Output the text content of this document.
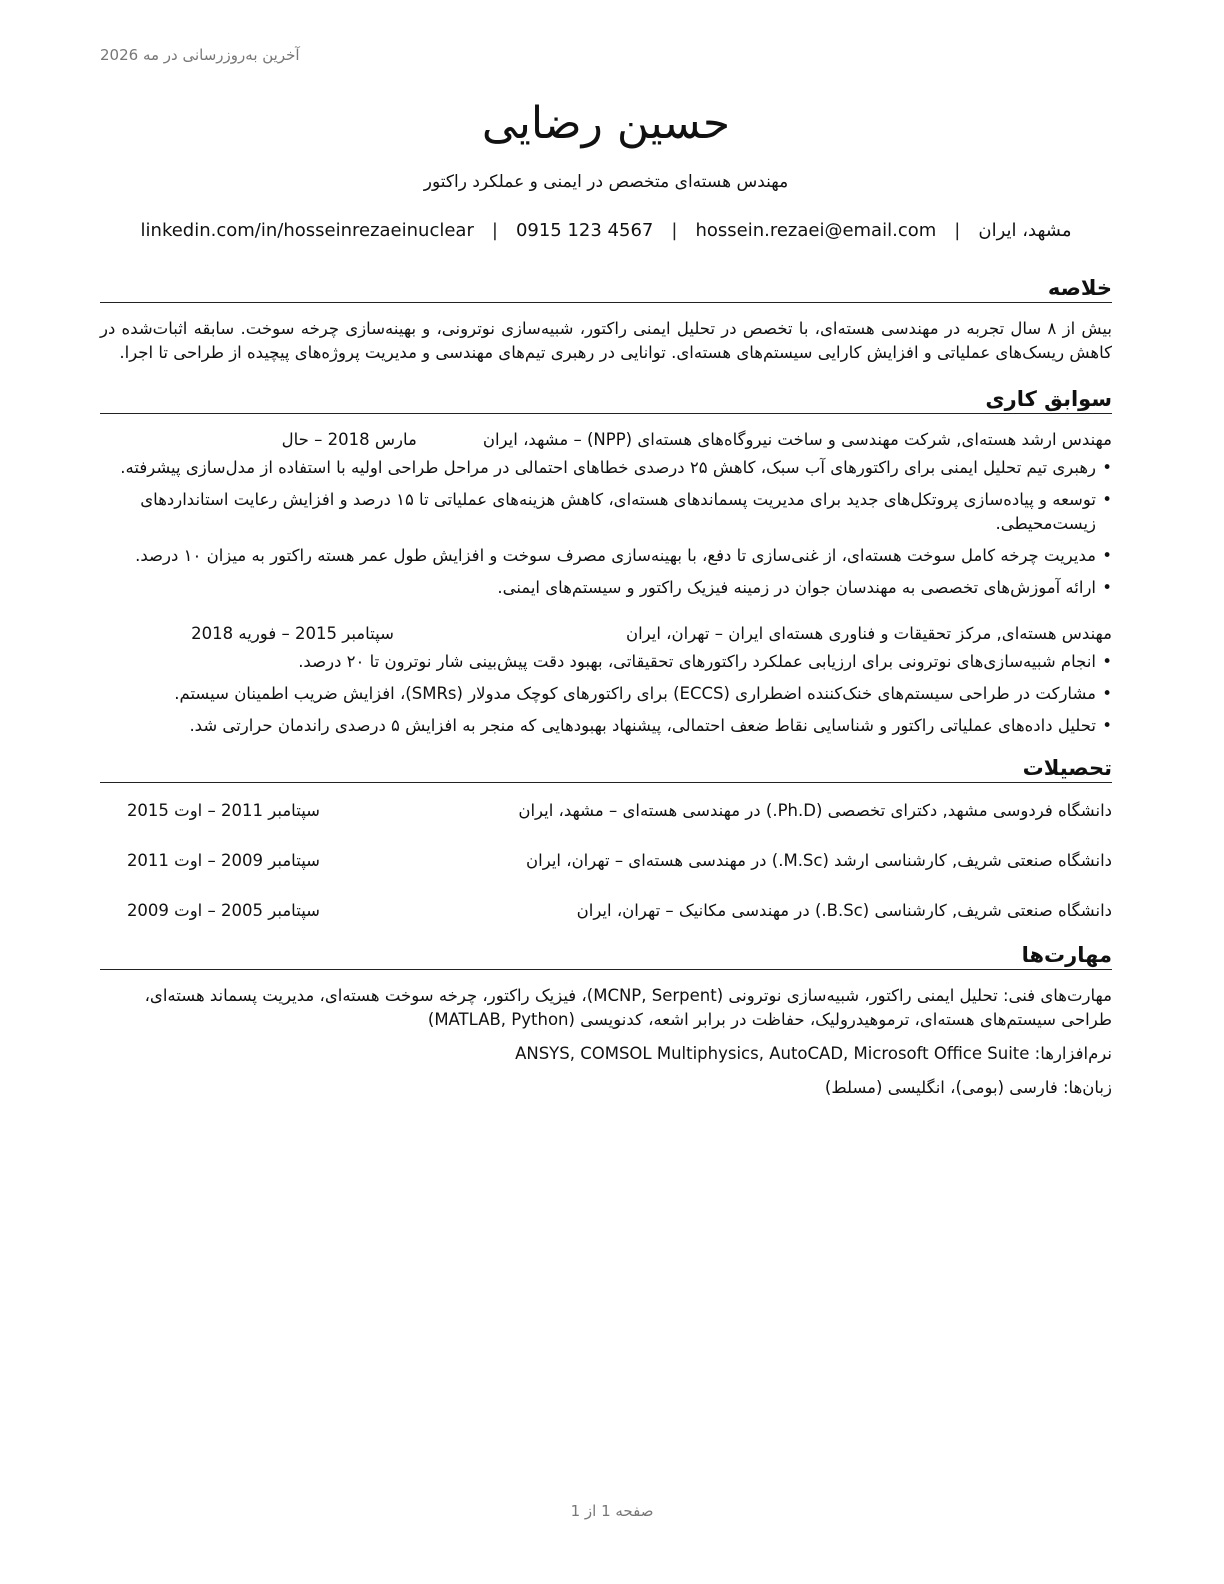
آخرین به‌روزرسانی در مه 2026
حسین رضایی
مهندس هسته‌ای متخصص در ایمنی و عملکرد راکتور
مشهد، ایران
|
hossein.rezaei@email.com
|
0915 123 4567
|
linkedin.com/in/hosseinrezaeinuclear
خلاصه

بیش از ۸ سال تجربه در مهندسی هسته‌ای، با تخصص در تحلیل ایمنی راکتور، شبیه‌سازی نوترونی، و بهینه‌سازی چرخه سوخت. سابقه اثبات‌شده در کاهش ریسک‌های عملیاتی و افزایش کارایی سیستم‌های هسته‌ای. توانایی در رهبری تیم‌های مهندسی و مدیریت پروژه‌های پیچیده از طراحی تا اجرا.

سوابق کاری
مهندس ارشد هسته‌ای, شرکت مهندسی و ساخت نیروگاه‌های هسته‌ای (NPP) – مشهد، ایران
مارس 2018 – حال
• رهبری تیم تحلیل ایمنی برای راکتورهای آب سبک، کاهش ۲۵ درصدی خطاهای احتمالی در مراحل طراحی اولیه با استفاده از مدل‌سازی پیشرفته.
• توسعه و پیاده‌سازی پروتکل‌های جدید برای مدیریت پسماندهای هسته‌ای، کاهش هزینه‌های عملیاتی تا ۱۵ درصد و افزایش رعایت استانداردهای زیست‌محیطی.
• مدیریت چرخه کامل سوخت هسته‌ای، از غنی‌سازی تا دفع، با بهینه‌سازی مصرف سوخت و افزایش طول عمر هسته راکتور به میزان ۱۰ درصد.
• ارائه آموزش‌های تخصصی به مهندسان جوان در زمینه فیزیک راکتور و سیستم‌های ایمنی.
مهندس هسته‌ای, مرکز تحقیقات و فناوری هسته‌ای ایران – تهران، ایران
سپتامبر 2015 – فوریه 2018
• انجام شبیه‌سازی‌های نوترونی برای ارزیابی عملکرد راکتورهای تحقیقاتی، بهبود دقت پیش‌بینی شار نوترون تا ۲۰ درصد.
• مشارکت در طراحی سیستم‌های خنک‌کننده اضطراری (ECCS) برای راکتورهای کوچک مدولار (SMRs)، افزایش ضریب اطمینان سیستم.
• تحلیل داده‌های عملیاتی راکتور و شناسایی نقاط ضعف احتمالی، پیشنهاد بهبودهایی که منجر به افزایش ۵ درصدی راندمان حرارتی شد.
تحصیلات
دانشگاه فردوسی مشهد, دکترای تخصصی (Ph.D.) در مهندسی هسته‌ای – مشهد، ایران
سپتامبر 2011 – اوت 2015
دانشگاه صنعتی شریف, کارشناسی ارشد (M.Sc.) در مهندسی هسته‌ای – تهران، ایران
سپتامبر 2009 – اوت 2011
دانشگاه صنعتی شریف, کارشناسی (B.Sc.) در مهندسی مکانیک – تهران، ایران
سپتامبر 2005 – اوت 2009
مهارت‌ها

مهارت‌های فنی: تحلیل ایمنی راکتور، شبیه‌سازی نوترونی (MCNP, Serpent)، فیزیک راکتور، چرخه سوخت هسته‌ای، مدیریت پسماند هسته‌ای، طراحی سیستم‌های هسته‌ای، ترموهیدرولیک، حفاظت در برابر اشعه، کدنویسی (MATLAB, Python)

نرم‌افزارها: ANSYS, COMSOL Multiphysics, AutoCAD, Microsoft Office Suite

زبان‌ها: فارسی (بومی)، انگلیسی (مسلط)

صفحه 1 از 1
